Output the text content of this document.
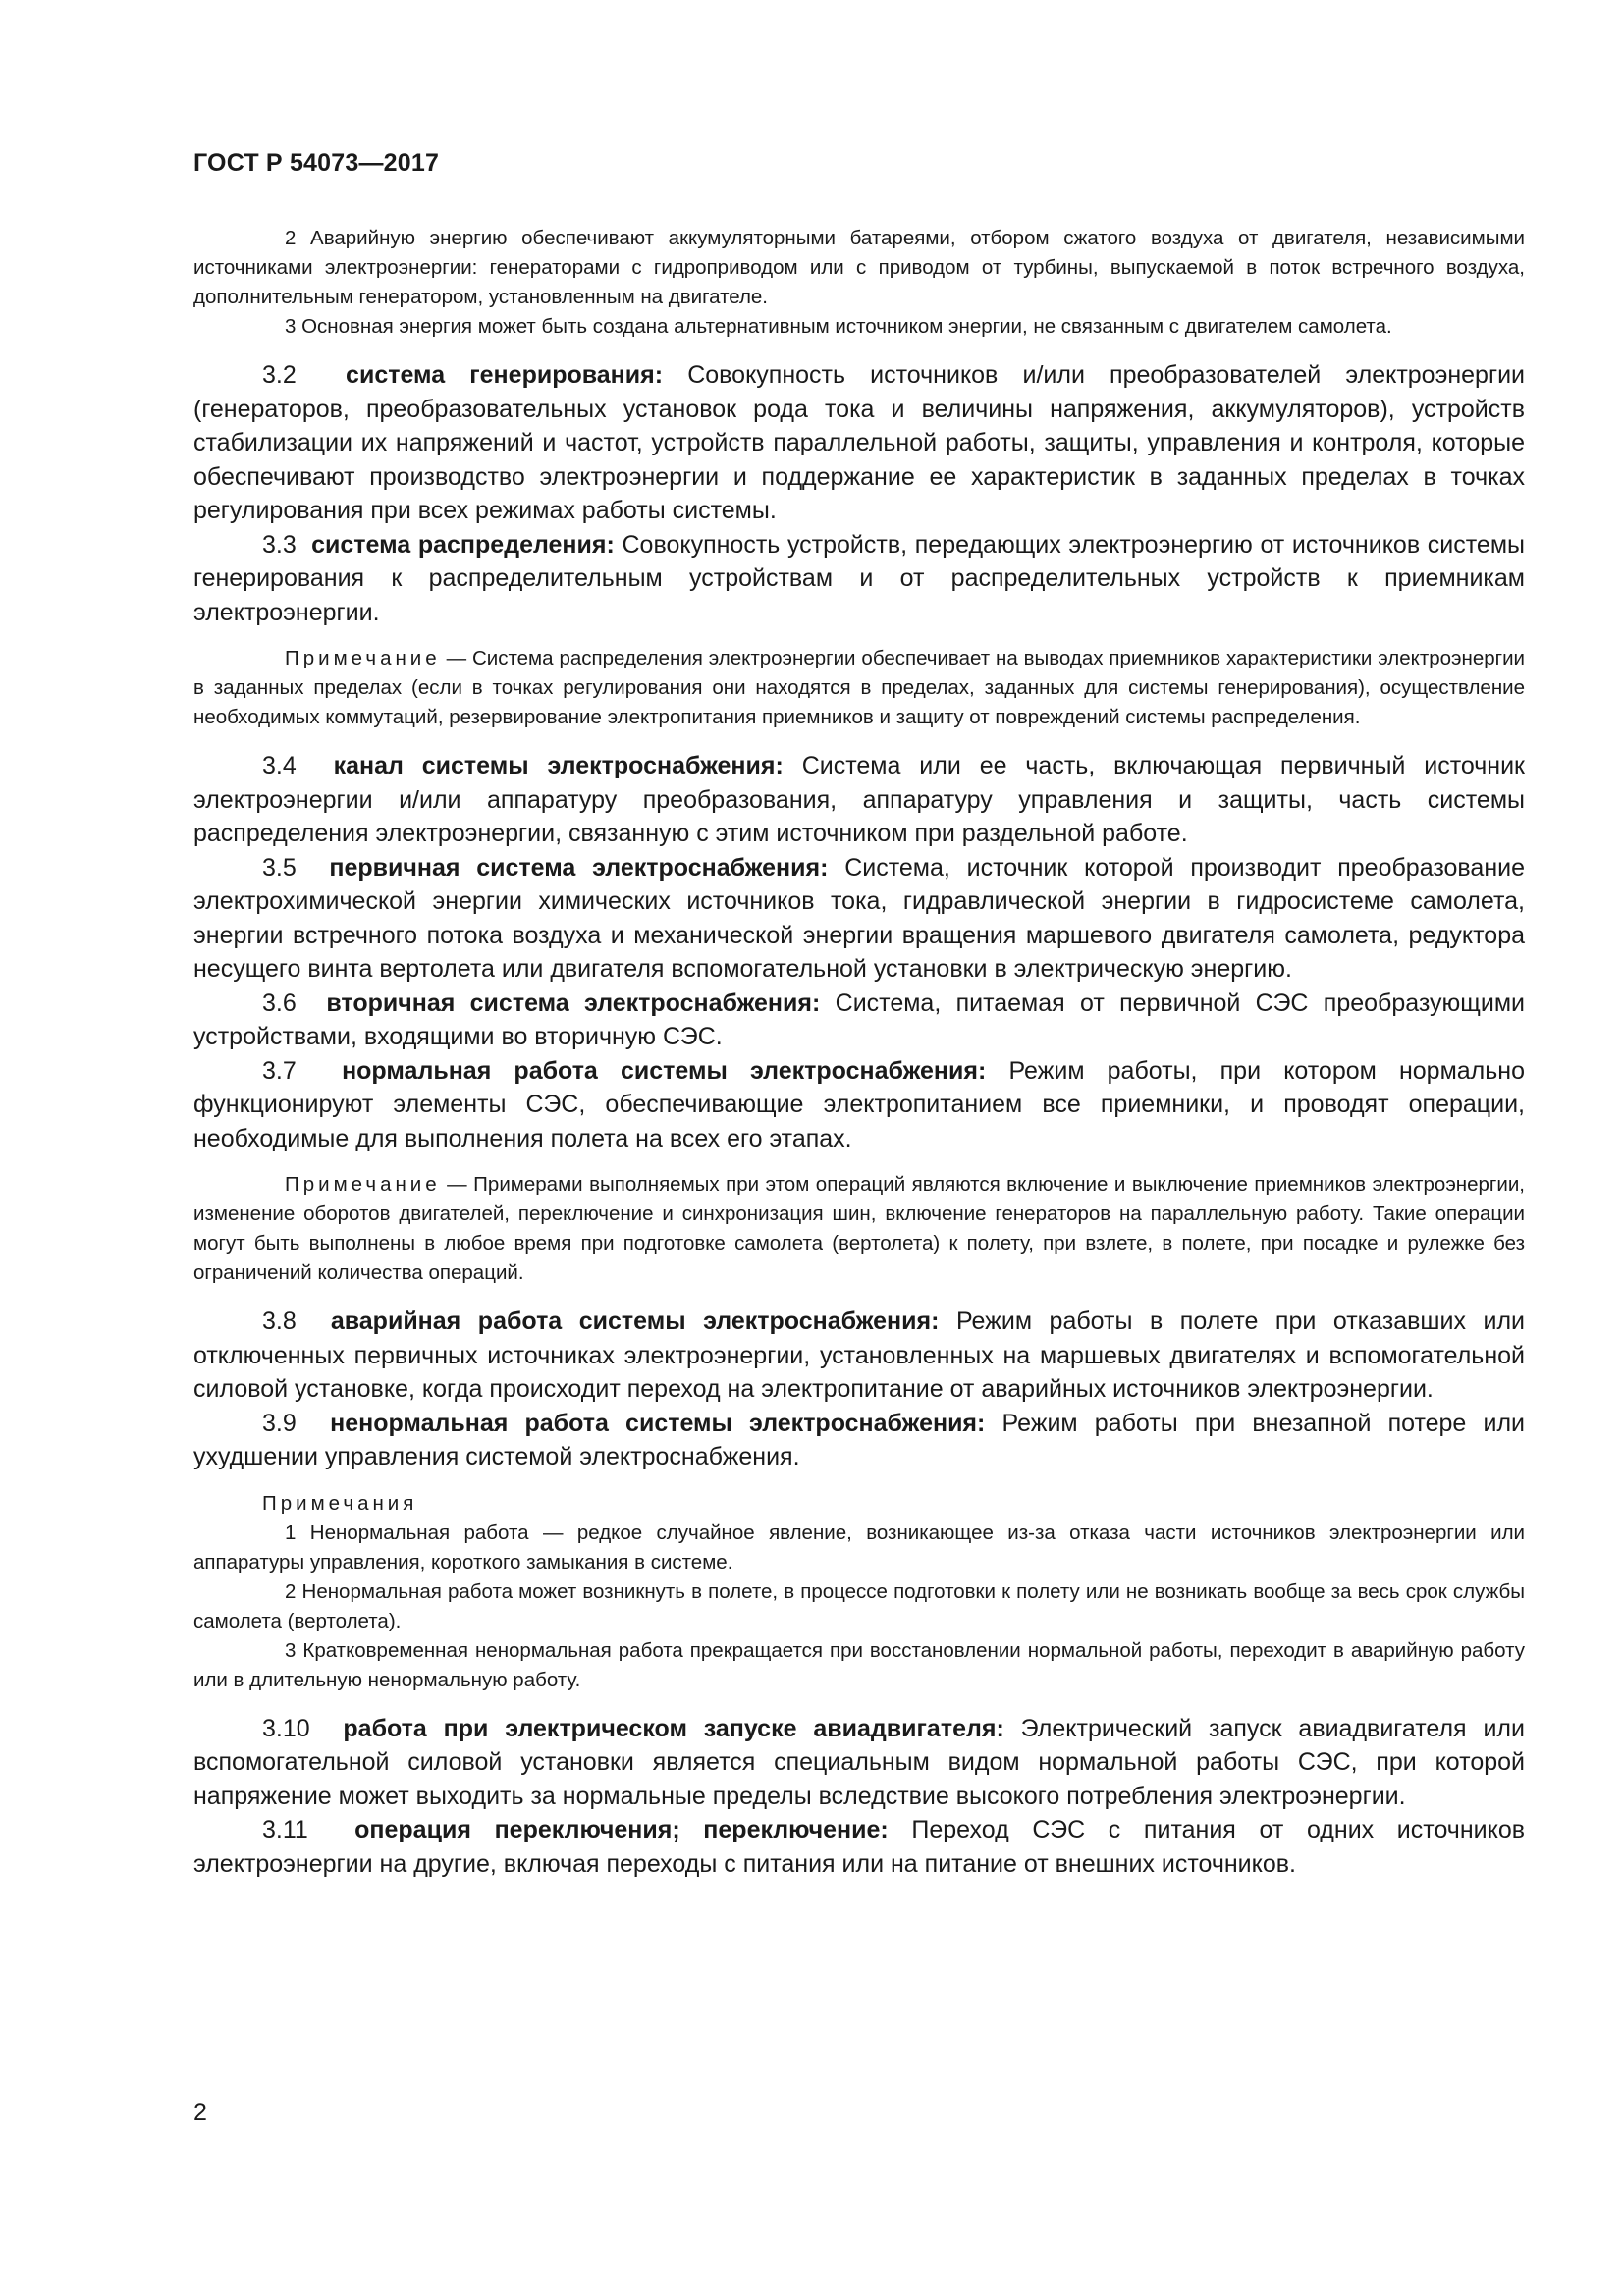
ГОСТ Р 54073—2017

2 Аварийную энергию обеспечивают аккумуляторными батареями, отбором сжатого воздуха от двигателя, независимыми источниками электроэнергии: генераторами с гидроприводом или с приводом от турбины, выпускаемой в поток встречного воздуха, дополнительным генератором, установленным на двигателе.

3 Основная энергия может быть создана альтернативным источником энергии, не связанным с двигателем самолета.

3.2 система генерирования: Совокупность источников и/или преобразователей электроэнергии (генераторов, преобразовательных установок рода тока и величины напряжения, аккумуляторов), устройств стабилизации их напряжений и частот, устройств параллельной работы, защиты, управления и контроля, которые обеспечивают производство электроэнергии и поддержание ее характеристик в заданных пределах в точках регулирования при всех режимах работы системы.

3.3 система распределения: Совокупность устройств, передающих электроэнергию от источников системы генерирования к распределительным устройствам и от распределительных устройств к приемникам электроэнергии.

Примечание — Система распределения электроэнергии обеспечивает на выводах приемников характеристики электроэнергии в заданных пределах (если в точках регулирования они находятся в пределах, заданных для системы генерирования), осуществление необходимых коммутаций, резервирование электропитания приемников и защиту от повреждений системы распределения.

3.4 канал системы электроснабжения: Система или ее часть, включающая первичный источник электроэнергии и/или аппаратуру преобразования, аппаратуру управления и защиты, часть системы распределения электроэнергии, связанную с этим источником при раздельной работе.

3.5 первичная система электроснабжения: Система, источник которой производит преобразование электрохимической энергии химических источников тока, гидравлической энергии в гидросистеме самолета, энергии встречного потока воздуха и механической энергии вращения маршевого двигателя самолета, редуктора несущего винта вертолета или двигателя вспомогательной установки в электрическую энергию.

3.6 вторичная система электроснабжения: Система, питаемая от первичной СЭС преобразующими устройствами, входящими во вторичную СЭС.

3.7 нормальная работа системы электроснабжения: Режим работы, при котором нормально функционируют элементы СЭС, обеспечивающие электропитанием все приемники, и проводят операции, необходимые для выполнения полета на всех его этапах.

Примечание — Примерами выполняемых при этом операций являются включение и выключение приемников электроэнергии, изменение оборотов двигателей, переключение и синхронизация шин, включение генераторов на параллельную работу. Такие операции могут быть выполнены в любое время при подготовке самолета (вертолета) к полету, при взлете, в полете, при посадке и рулежке без ограничений количества операций.

3.8 аварийная работа системы электроснабжения: Режим работы в полете при отказавших или отключенных первичных источниках электроэнергии, установленных на маршевых двигателях и вспомогательной силовой установке, когда происходит переход на электропитание от аварийных источников электроэнергии.

3.9 ненормальная работа системы электроснабжения: Режим работы при внезапной потере или ухудшении управления системой электроснабжения.

Примечания

1 Ненормальная работа — редкое случайное явление, возникающее из-за отказа части источников электроэнергии или аппаратуры управления, короткого замыкания в системе.

2 Ненормальная работа может возникнуть в полете, в процессе подготовки к полету или не возникать вообще за весь срок службы самолета (вертолета).

3 Кратковременная ненормальная работа прекращается при восстановлении нормальной работы, переходит в аварийную работу или в длительную ненормальную работу.

3.10 работа при электрическом запуске авиадвигателя: Электрический запуск авиадвигателя или вспомогательной силовой установки является специальным видом нормальной работы СЭС, при которой напряжение может выходить за нормальные пределы вследствие высокого потребления электроэнергии.

3.11 операция переключения; переключение: Переход СЭС с питания от одних источников электроэнергии на другие, включая переходы с питания или на питание от внешних источников.

2
